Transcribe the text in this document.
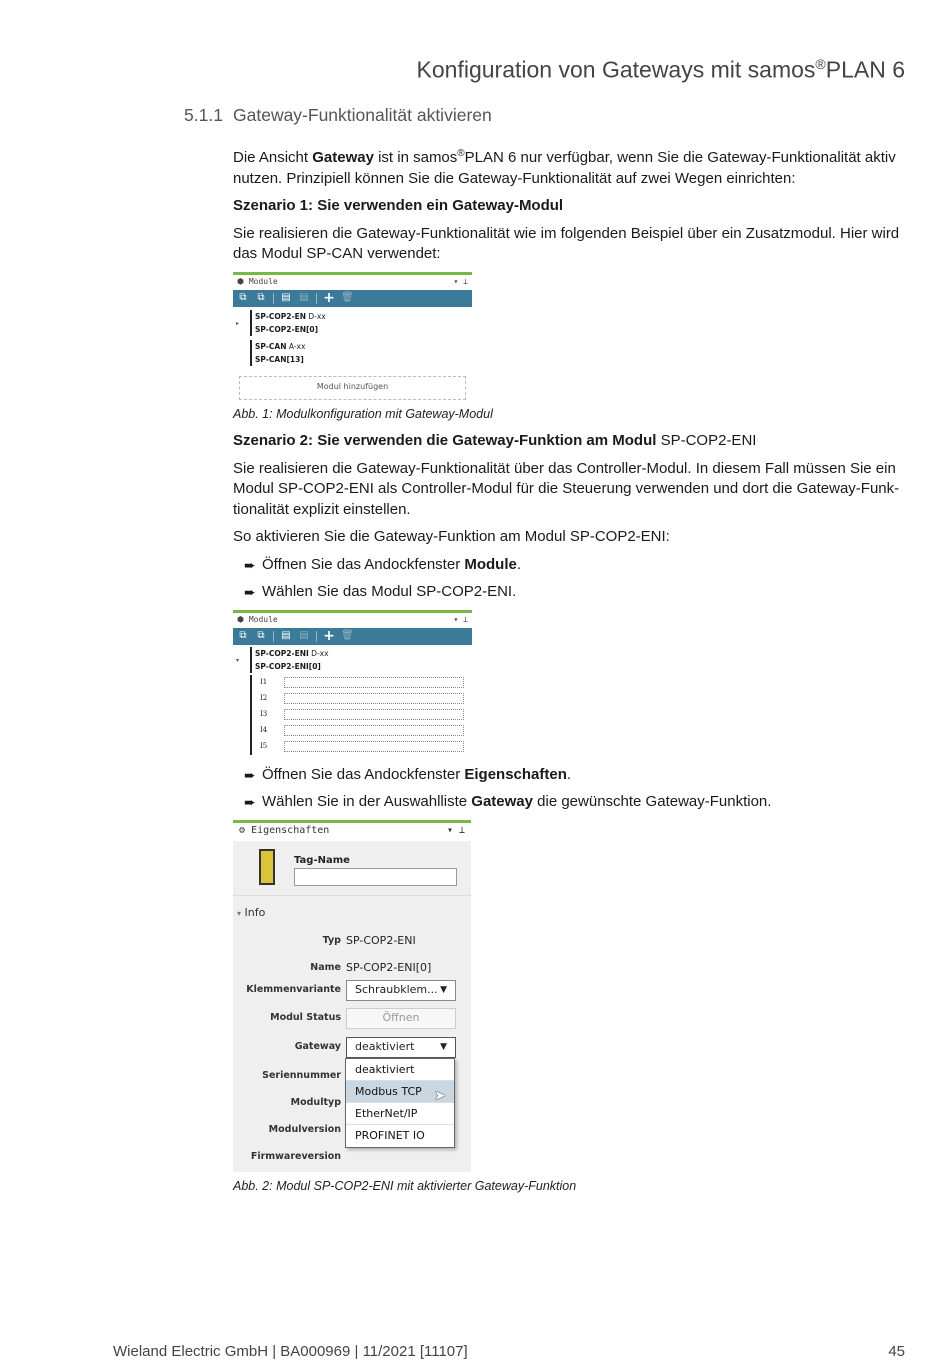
Konfiguration von Gateways mit samos®PLAN 6
5.1.1 Gateway-Funktionalität aktivieren
Die Ansicht Gateway ist in samos®PLAN 6 nur verfügbar, wenn Sie die Gateway-Funktionalität aktiv nutzen. Prinzipiell können Sie die Gateway-Funktionalität auf zwei Wegen einrichten:
Szenario 1: Sie verwenden ein Gateway-Modul
Sie realisieren die Gateway-Funktionalität wie im folgenden Beispiel über ein Zusatzmodul. Hier wird das Modul SP-CAN verwendet:
⬢ Module	▾ ⊥
⧉ ⧉ ▤ ▤ + 🗑
▸
SP-COP2-EN D-xx
SP-COP2-EN[0]
SP-CAN A-xx
SP-CAN[13]
Modul hinzufügen
Abb. 1: Modulkonfiguration mit Gateway-Modul
Szenario 2: Sie verwenden die Gateway-Funktion am Modul SP-COP2-ENI
Sie realisieren die Gateway-Funktionalität über das Controller-Modul. In diesem Fall müssen Sie ein Modul SP-COP2-ENI als Controller-Modul für die Steuerung verwenden und dort die Gateway-Funktionalität explizit einstellen.
So aktivieren Sie die Gateway-Funktion am Modul SP-COP2-ENI:
➨ Öffnen Sie das Andockfenster Module.
➨ Wählen Sie das Modul SP-COP2-ENI.
⬢ Module	▾ ⊥
⧉ ⧉ ▤ ▤ + 🗑
▾
SP-COP2-ENI D-xx
SP-COP2-ENI[0]
I1
I2
I3
I4
I5
➨ Öffnen Sie das Andockfenster Eigenschaften.
➨ Wählen Sie in der Auswahlliste Gateway die gewünschte Gateway-Funktion.
⚙ Eigenschaften	▾ ⊥
Tag-Name
▾ Info
Typ SP-COP2-ENI
Name SP-COP2-ENI[0]
Klemmenvariante	Schraubklem... ▼
Modul Status	Öffnen
Gateway	deaktiviert	▼
Seriennummer
Modultyp
Modulversion
Firmwareversion
deaktiviert
Modbus TCP ➤
EtherNet/IP
PROFINET IO
Abb. 2: Modul SP-COP2-ENI mit aktivierter Gateway-Funktion
Wieland Electric GmbH | BA000969 | 11/2021 [11107]	45
